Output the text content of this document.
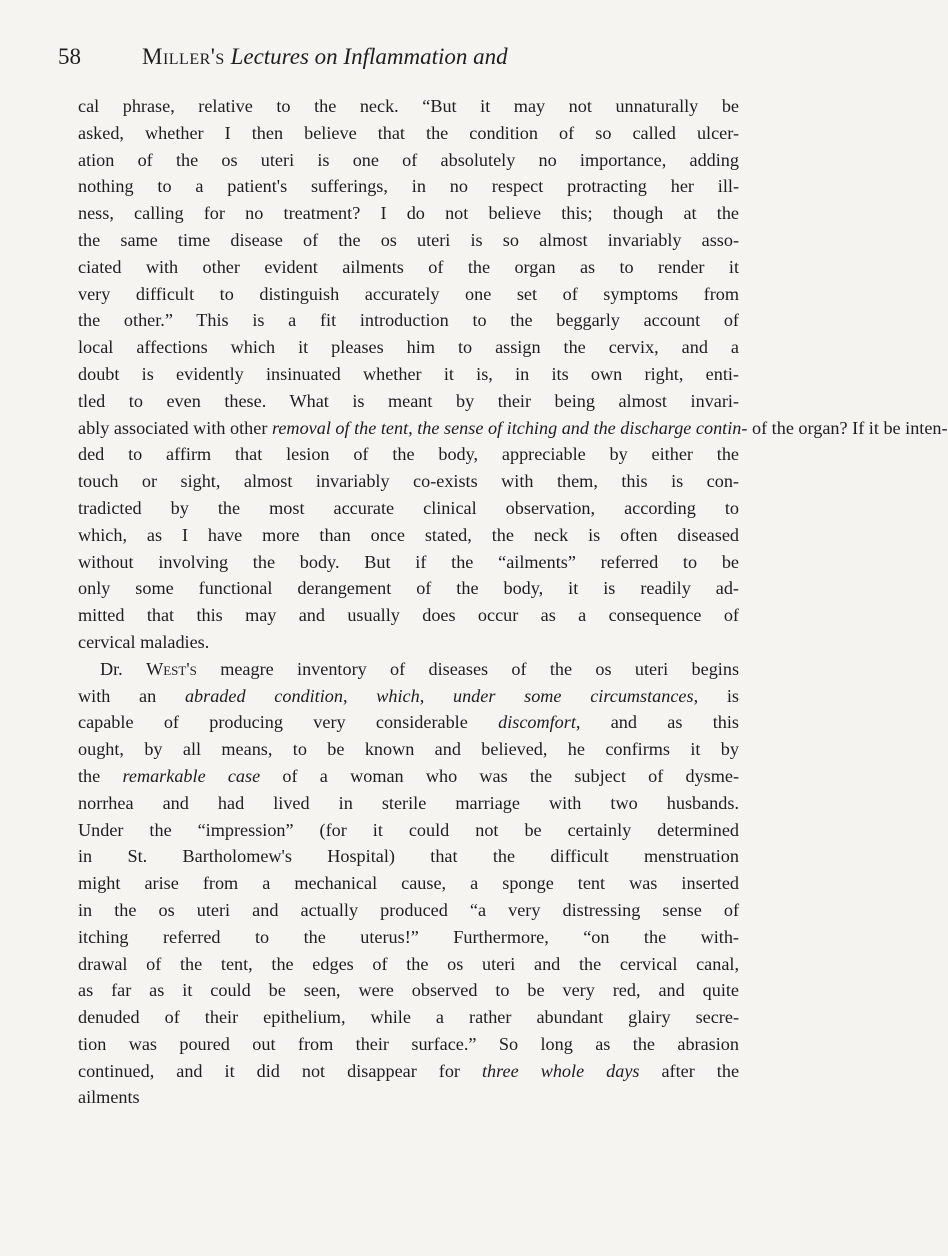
58	Miller's Lectures on Inflammation and
cal phrase, relative to the neck. “But it may not unnaturally be
asked, whether I then believe that the condition of so called ulcer-
ation of the os uteri is one of absolutely no importance, adding
nothing to a patient's sufferings, in no respect protracting her ill-
ness, calling for no treatment? I do not believe this; though at the
the same time disease of the os uteri is so almost invariably asso-
ciated with other evident ailments of the organ as to render it
very difficult to distinguish accurately one set of symptoms from
the other.” This is a fit introduction to the beggarly account of
local affections which it pleases him to assign the cervix, and a
doubt is evidently insinuated whether it is, in its own right, enti-
tled to even these. What is meant by their being almost invari-
ably associated with other removal of the tent, the sense of itching and the discharge contin- of the organ? If it be inten-
ded to affirm that lesion of the body, appreciable by either the
touch or sight, almost invariably co-exists with them, this is con-
tradicted by the most accurate clinical observation, according to
which, as I have more than once stated, the neck is often diseased
without involving the body. But if the “ailments” referred to be
only some functional derangement of the body, it is readily ad-
mitted that this may and usually does occur as a consequence of
cervical maladies.
Dr. West's meagre inventory of diseases of the os uteri begins
with an abraded condition, which, under some circumstances, is
capable of producing very considerable discomfort, and as this
ought, by all means, to be known and believed, he confirms it by
the remarkable case of a woman who was the subject of dysme-
norrhea and had lived in sterile marriage with two husbands.
Under the “impression” (for it could not be certainly determined
in St. Bartholomew's Hospital) that the difficult menstruation
might arise from a mechanical cause, a sponge tent was inserted
in the os uteri and actually produced “a very distressing sense of
itching referred to the uterus!” Furthermore, “on the with-
drawal of the tent, the edges of the os uteri and the cervical canal,
as far as it could be seen, were observed to be very red, and quite
denuded of their epithelium, while a rather abundant glairy secre-
tion was poured out from their surface.” So long as the abrasion
continued, and it did not disappear for three whole days after the
ailments
